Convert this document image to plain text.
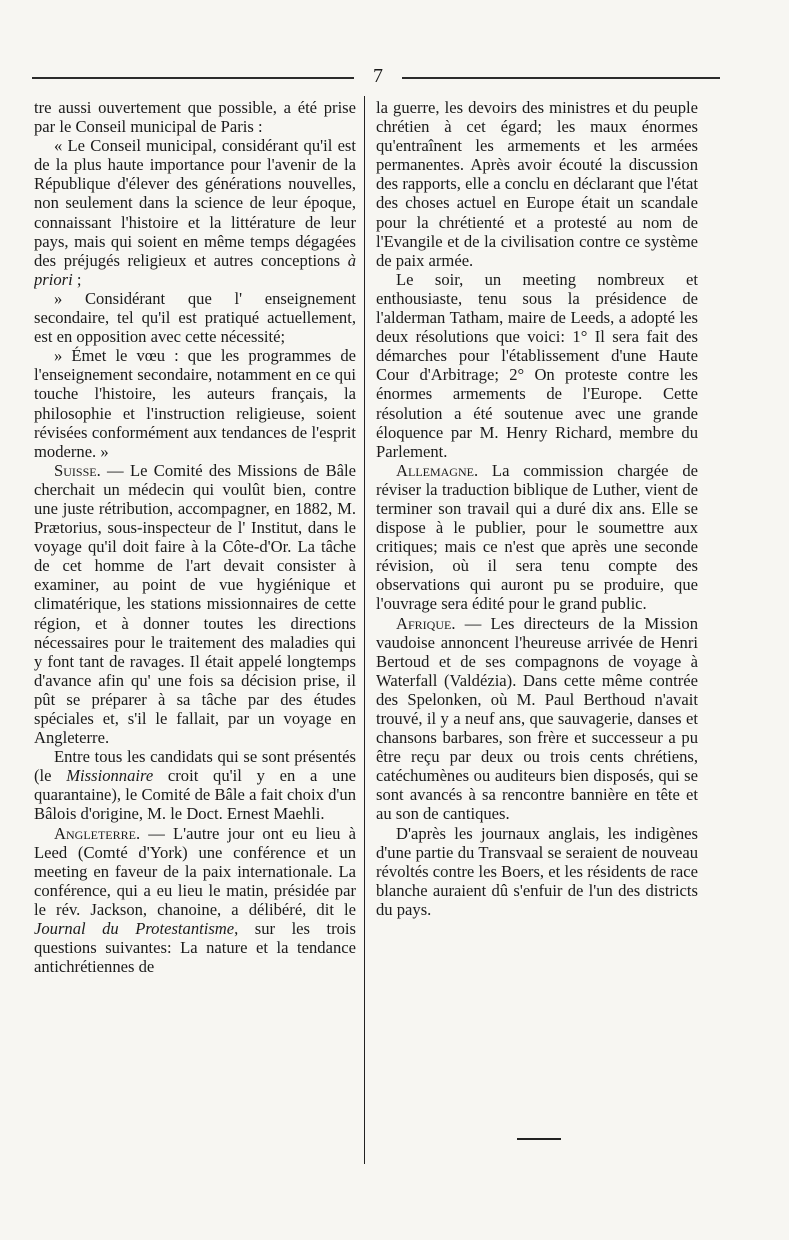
7

tre aussi ouvertement que possible, a été prise par le Conseil municipal de Paris :

« Le Conseil municipal, considérant qu'il est de la plus haute importance pour l'avenir de la République d'élever des générations nouvelles, non seulement dans la science de leur époque, connaissant l'histoire et la littérature de leur pays, mais qui soient en même temps dégagées des préjugés religieux et autres conceptions à priori ;

» Considérant que l' enseignement secondaire, tel qu'il est pratiqué actuellement, est en opposition avec cette nécessité;

» Émet le vœu : que les programmes de l'enseignement secondaire, notamment en ce qui touche l'histoire, les auteurs français, la philosophie et l'instruction religieuse, soient révisées conformément aux tendances de l'esprit moderne. »

Suisse. — Le Comité des Missions de Bâle cherchait un médecin qui voulût bien, contre une juste rétribution, accompagner, en 1882, M. Prætorius, sous-inspecteur de l' Institut, dans le voyage qu'il doit faire à la Côte-d'Or. La tâche de cet homme de l'art devait consister à examiner, au point de vue hygiénique et climatérique, les stations missionnaires de cette région, et à donner toutes les directions nécessaires pour le traitement des maladies qui y font tant de ravages. Il était appelé longtemps d'avance afin qu' une fois sa décision prise, il pût se préparer à sa tâche par des études spéciales et, s'il le fallait, par un voyage en Angleterre.

Entre tous les candidats qui se sont présentés (le Missionnaire croit qu'il y en a une quarantaine), le Comité de Bâle a fait choix d'un Bâlois d'origine, M. le Doct. Ernest Maehli.

Angleterre. — L'autre jour ont eu lieu à Leed (Comté d'York) une conférence et un meeting en faveur de la paix internationale. La conférence, qui a eu lieu le matin, présidée par le rév. Jackson, chanoine, a délibéré, dit le Journal du Protestantisme, sur les trois questions suivantes: La nature et la tendance antichrétiennes de

la guerre, les devoirs des ministres et du peuple chrétien à cet égard; les maux énormes qu'entraînent les armements et les armées permanentes. Après avoir écouté la discussion des rapports, elle a conclu en déclarant que l'état des choses actuel en Europe était un scandale pour la chrétienté et a protesté au nom de l'Evangile et de la civilisation contre ce système de paix armée.

Le soir, un meeting nombreux et enthousiaste, tenu sous la présidence de l'alderman Tatham, maire de Leeds, a adopté les deux résolutions que voici: 1° Il sera fait des démarches pour l'établissement d'une Haute Cour d'Arbitrage; 2° On proteste contre les énormes armements de l'Europe. Cette résolution a été soutenue avec une grande éloquence par M. Henry Richard, membre du Parlement.

Allemagne. La commission chargée de réviser la traduction biblique de Luther, vient de terminer son travail qui a duré dix ans. Elle se dispose à le publier, pour le soumettre aux critiques; mais ce n'est que après une seconde révision, où il sera tenu compte des observations qui auront pu se produire, que l'ouvrage sera édité pour le grand public.

Afrique. — Les directeurs de la Mission vaudoise annoncent l'heureuse arrivée de Henri Bertoud et de ses compagnons de voyage à Waterfall (Valdézia). Dans cette même contrée des Spelonken, où M. Paul Berthoud n'avait trouvé, il y a neuf ans, que sauvagerie, danses et chansons barbares, son frère et successeur a pu être reçu par deux ou trois cents chrétiens, catéchumènes ou auditeurs bien disposés, qui se sont avancés à sa rencontre bannière en tête et au son de cantiques.

D'après les journaux anglais, les indigènes d'une partie du Transvaal se seraient de nouveau révoltés contre les Boers, et les résidents de race blanche auraient dû s'enfuir de l'un des districts du pays.
